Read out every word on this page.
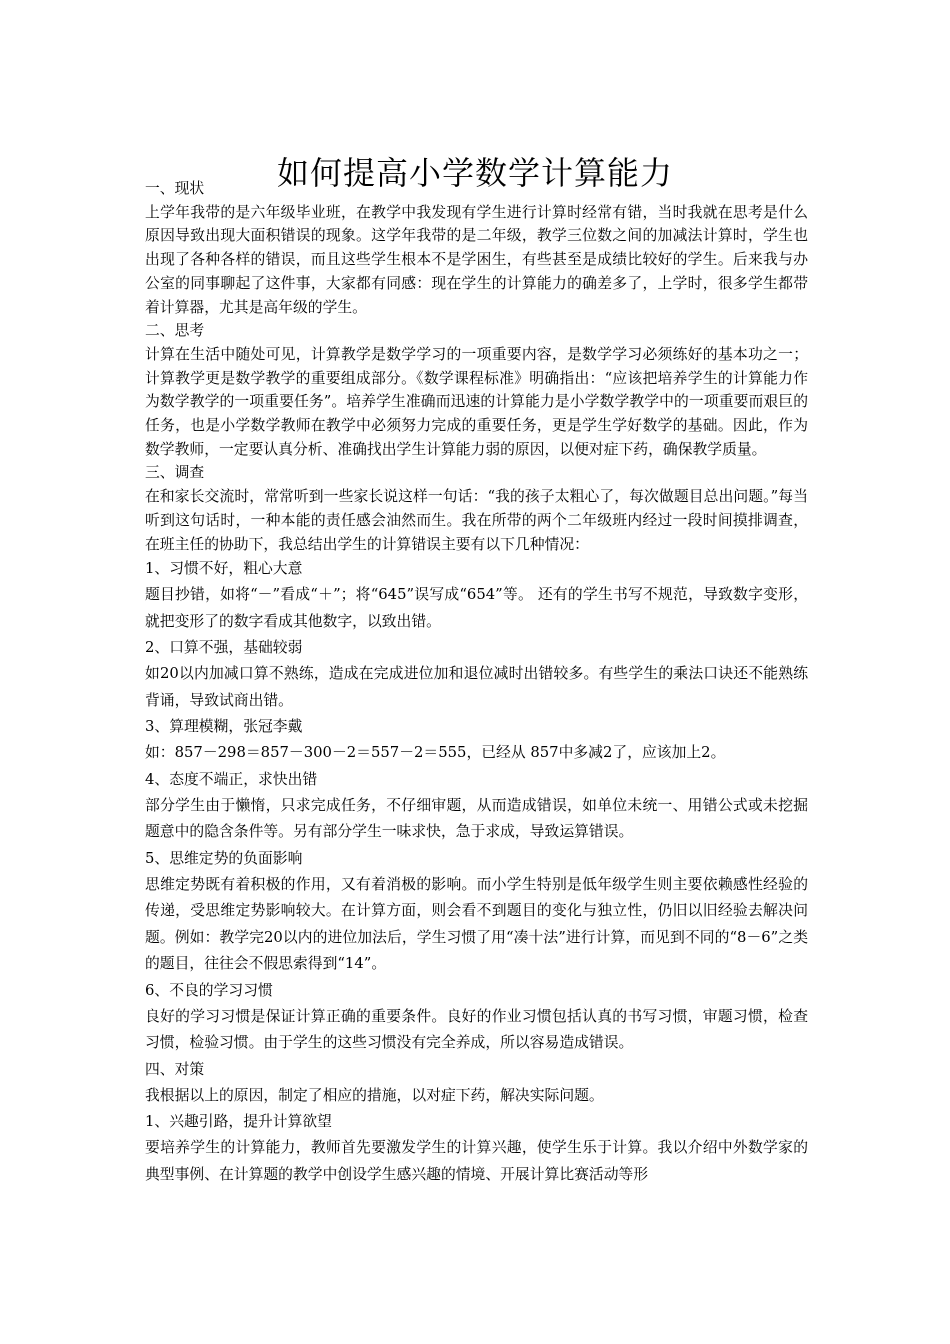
如何提高小学数学计算能力

一、现状

上学年我带的是六年级毕业班，在教学中我发现有学生进行计算时经常有错，当时我就在思考是什么原因导致出现大面积错误的现象。这学年我带的是二年级，教学三位数之间的加减法计算时，学生也出现了各种各样的错误，而且这些学生根本不是学困生，有些甚至是成绩比较好的学生。后来我与办公室的同事聊起了这件事，大家都有同感：现在学生的计算能力的确差多了，上学时，很多学生都带着计算器，尤其是高年级的学生。

二、思考

计算在生活中随处可见，计算教学是数学学习的一项重要内容，是数学学习必须练好的基本功之一；计算教学更是数学教学的重要组成部分。《数学课程标准》明确指出：“应该把培养学生的计算能力作为数学教学的一项重要任务”。培养学生准确而迅速的计算能力是小学数学教学中的一项重要而艰巨的任务，也是小学数学教师在教学中必须努力完成的重要任务，更是学生学好数学的基础。因此，作为数学教师，一定要认真分析、准确找出学生计算能力弱的原因，以便对症下药，确保教学质量。

三、调查

在和家长交流时，常常听到一些家长说这样一句话：“我的孩子太粗心了，每次做题目总出问题。”每当听到这句话时，一种本能的责任感会油然而生。我在所带的两个二年级班内经过一段时间摸排调查，在班主任的协助下，我总结出学生的计算错误主要有以下几种情况：

1、习惯不好，粗心大意

题目抄错，如将“－”看成“＋”；将“645”误写成“654”等。 还有的学生书写不规范，导致数字变形，就把变形了的数字看成其他数字，以致出错。

2、口算不强，基础较弱

如20以内加减口算不熟练，造成在完成进位加和退位减时出错较多。有些学生的乘法口诀还不能熟练背诵，导致试商出错。

3、算理模糊，张冠李戴

如：857－298＝857－300－2＝557－2＝555，已经从 857中多减2了，应该加上2。

4、态度不端正，求快出错

部分学生由于懒惰，只求完成任务，不仔细审题，从而造成错误，如单位未统一、用错公式或未挖掘题意中的隐含条件等。另有部分学生一味求快，急于求成，导致运算错误。

5、思维定势的负面影响

思维定势既有着积极的作用，又有着消极的影响。而小学生特别是低年级学生则主要依赖感性经验的传递，受思维定势影响较大。在计算方面，则会看不到题目的变化与独立性，仍旧以旧经验去解决问题。例如：教学完20以内的进位加法后，学生习惯了用“凑十法”进行计算，而见到不同的“8－6”之类的题目，往往会不假思索得到“14”。

6、不良的学习习惯

良好的学习习惯是保证计算正确的重要条件。良好的作业习惯包括认真的书写习惯，审题习惯，检查习惯，检验习惯。由于学生的这些习惯没有完全养成，所以容易造成错误。

四、对策

我根据以上的原因，制定了相应的措施，以对症下药，解决实际问题。

1、兴趣引路，提升计算欲望

要培养学生的计算能力，教师首先要激发学生的计算兴趣，使学生乐于计算。我以介绍中外数学家的典型事例、在计算题的教学中创设学生感兴趣的情境、开展计算比赛活动等形
